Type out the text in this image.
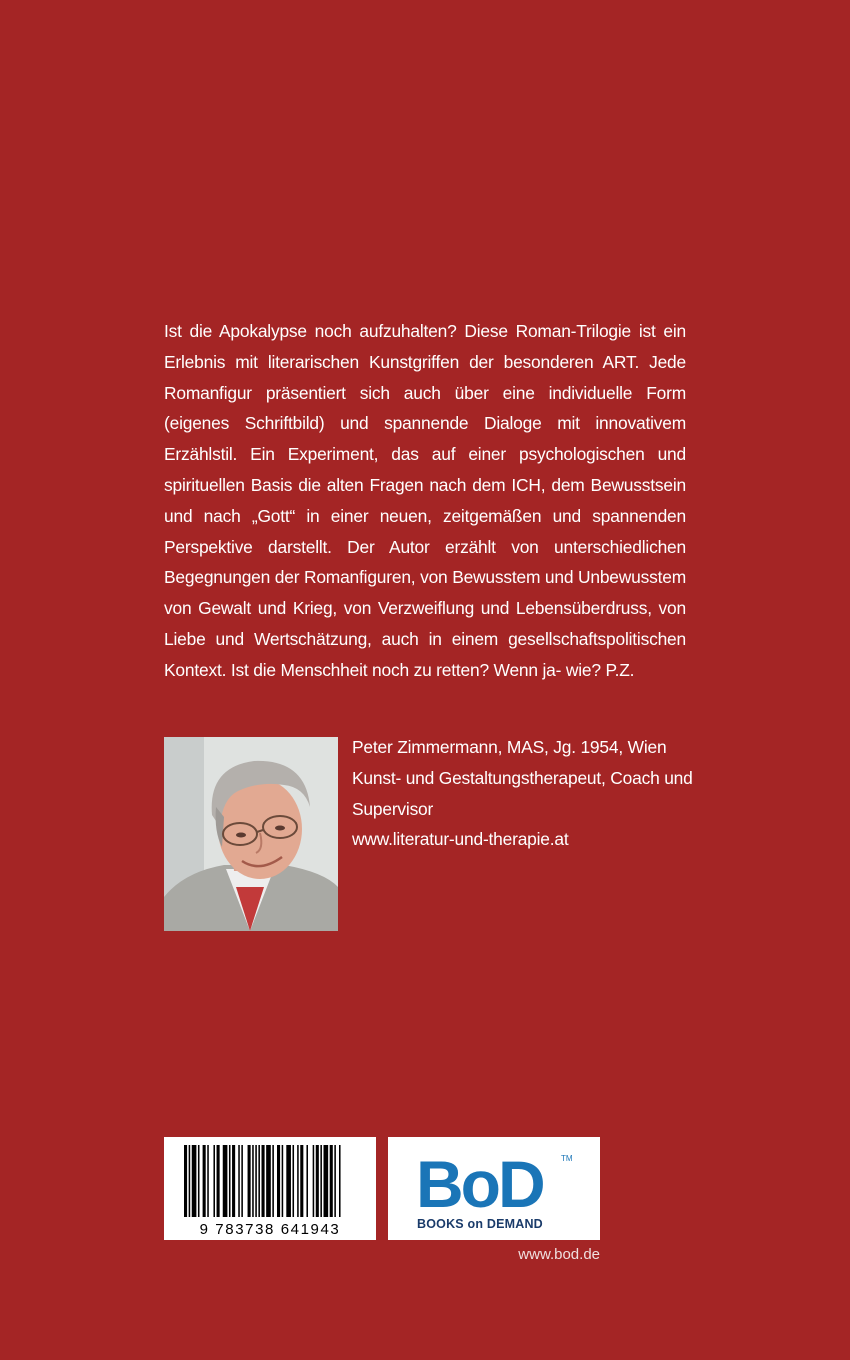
Ist die Apokalypse noch aufzuhalten? Diese Roman-Trilogie ist ein Erlebnis mit literarischen Kunstgriffen der besonderen ART. Jede Romanfigur präsentiert sich auch über eine individuelle Form (eigenes Schriftbild) und spannende Dialoge mit innovativem Erzählstil. Ein Experiment, das auf einer psychologischen und spirituellen Basis die alten Fragen nach dem ICH, dem Bewusstsein und nach „Gott“ in einer neuen, zeitgemäßen und spannenden Perspektive darstellt. Der Autor erzählt von unterschiedlichen Begegnungen der Romanfiguren, von Bewusstem und Unbewusstem von Gewalt und Krieg, von Verzweiflung und Lebensüberdruss, von Liebe und Wertschätzung, auch in einem gesellschaftspolitischen Kontext. Ist die Menschheit noch zu retten? Wenn ja- wie? P.Z.
Peter Zimmermann, MAS, Jg. 1954, Wien
Kunst- und Gestaltungstherapeut, Coach und
Supervisor
www.literatur-und-therapie.at
9 783738 641943
BoD TM
BOOKS on DEMAND
www.bod.de
